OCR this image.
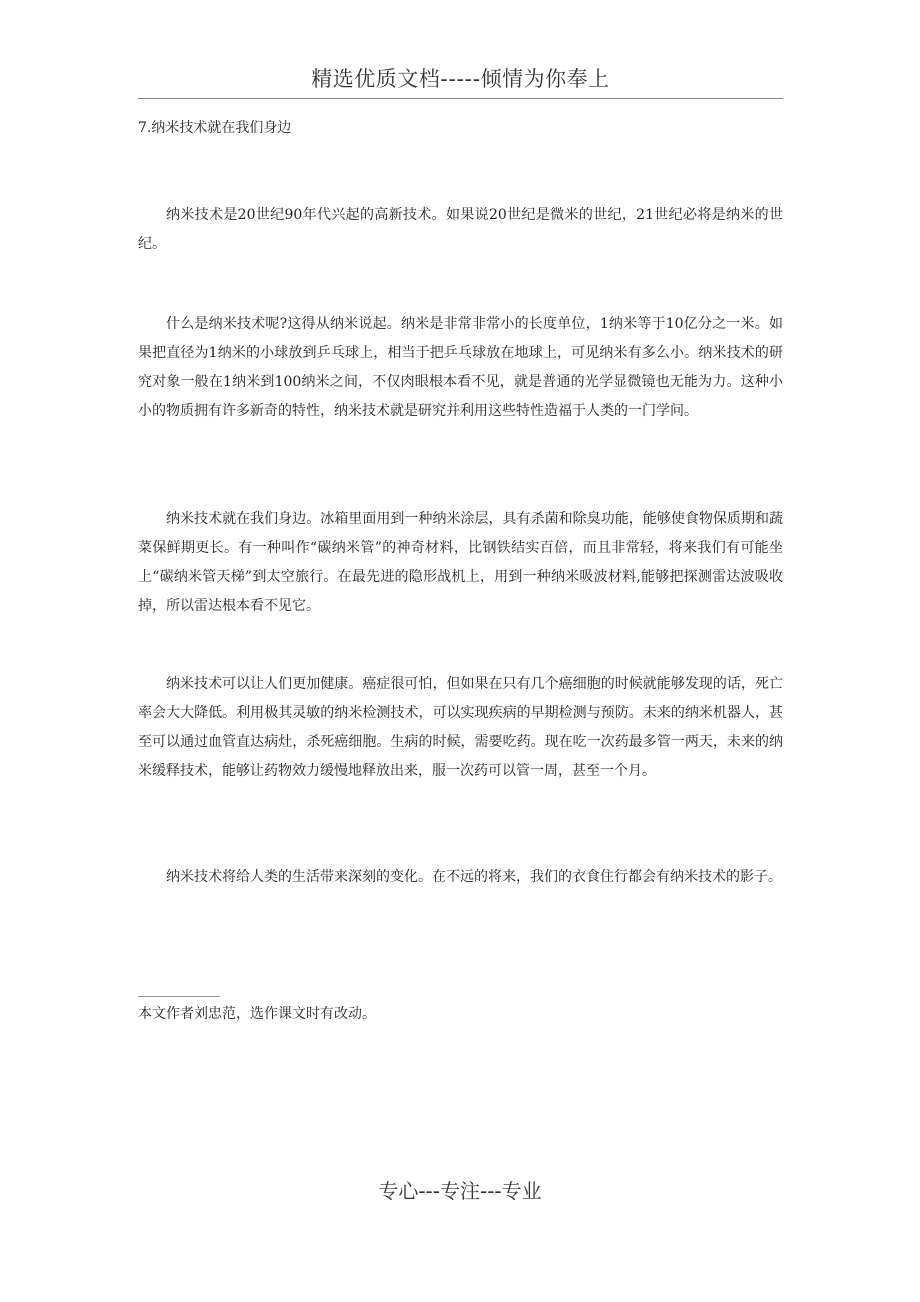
精选优质文档-----倾情为你奉上
7.纳米技术就在我们身边

纳米技术是20世纪90年代兴起的高新技术。如果说20世纪是微米的世纪，21世纪必将是纳米的世纪。

什么是纳米技术呢?这得从纳米说起。纳米是非常非常小的长度单位，1纳米等于10亿分之一米。如果把直径为1纳米的小球放到乒乓球上，相当于把乒乓球放在地球上，可见纳米有多么小。纳米技术的研究对象一般在1纳米到100纳米之间，不仅肉眼根本看不见，就是普通的光学显微镜也无能为力。这种小小的物质拥有许多新奇的特性，纳米技术就是研究并利用这些特性造福于人类的一门学问。

纳米技术就在我们身边。冰箱里面用到一种纳米涂层，具有杀菌和除臭功能，能够使食物保质期和蔬菜保鲜期更长。有一种叫作“碳纳米管”的神奇材料，比钢铁结实百倍，而且非常轻，将来我们有可能坐上“碳纳米管天梯”到太空旅行。在最先进的隐形战机上，用到一种纳米吸波材料,能够把探测雷达波吸收掉，所以雷达根本看不见它。

纳米技术可以让人们更加健康。癌症很可怕，但如果在只有几个癌细胞的时候就能够发现的话，死亡率会大大降低。利用极其灵敏的纳米检测技术，可以实现疾病的早期检测与预防。未来的纳米机器人，甚至可以通过血管直达病灶，杀死癌细胞。生病的时候，需要吃药。现在吃一次药最多管一两天，未来的纳米缓释技术，能够让药物效力缓慢地释放出来，服一次药可以管一周，甚至一个月。

纳米技术将给人类的生活带来深刻的变化。在不远的将来，我们的衣食住行都会有纳米技术的影子。

本文作者刘忠范，选作课文时有改动。
专心---专注---专业
